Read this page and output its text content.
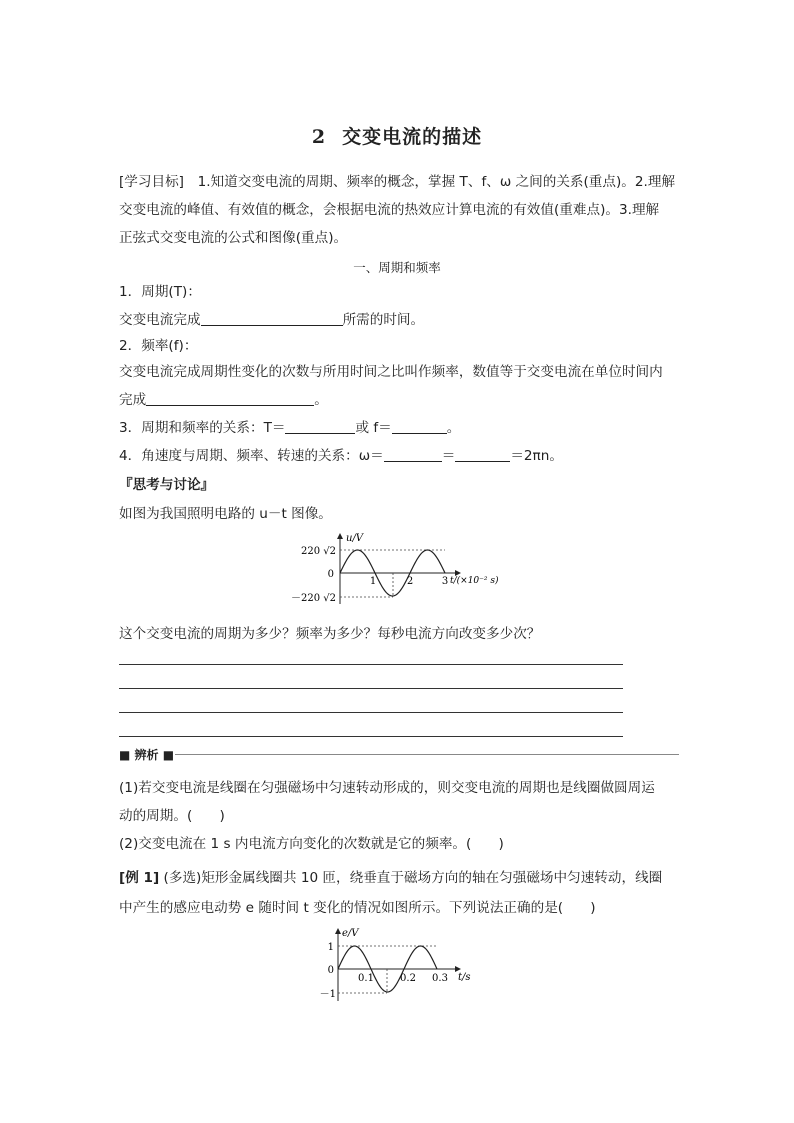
2 交变电流的描述
[学习目标]　1.知道交变电流的周期、频率的概念，掌握 T、f、ω 之间的关系(重点)。2.理解
交变电流的峰值、有效值的概念，会根据电流的热效应计算电流的有效值(重难点)。3.理解
正弦式交变电流的公式和图像(重点)。
一、周期和频率
1．周期(T)：
交变电流完成	所需的时间。
2．频率(f)：
交变电流完成周期性变化的次数与所用时间之比叫作频率，数值等于交变电流在单位时间内
完成	。
3．周期和频率的关系：T＝	或 f＝	。
4．角速度与周期、频率、转速的关系：ω＝	＝	＝2πn。
『思考与讨论』
如图为我国照明电路的 u－t 图像。
u/V
220 √2
0
－220 √2
1	2	3 t/(×10⁻² s)
这个交变电流的周期为多少？频率为多少？每秒电流方向改变多少次？
■ 辨析 ■
(1)若交变电流是线圈在匀强磁场中匀速转动形成的，则交变电流的周期也是线圈做圆周运
动的周期。(　　)
(2)交变电流在 1 s 内电流方向变化的次数就是它的频率。(　　)
[例 1] (多选)矩形金属线圈共 10 匝，绕垂直于磁场方向的轴在匀强磁场中匀速转动，线圈
中产生的感应电动势 e 随时间 t 变化的情况如图所示。下列说法正确的是(　　)
e/V
1
0
－1
0.1	0.2 0.3 t/s
